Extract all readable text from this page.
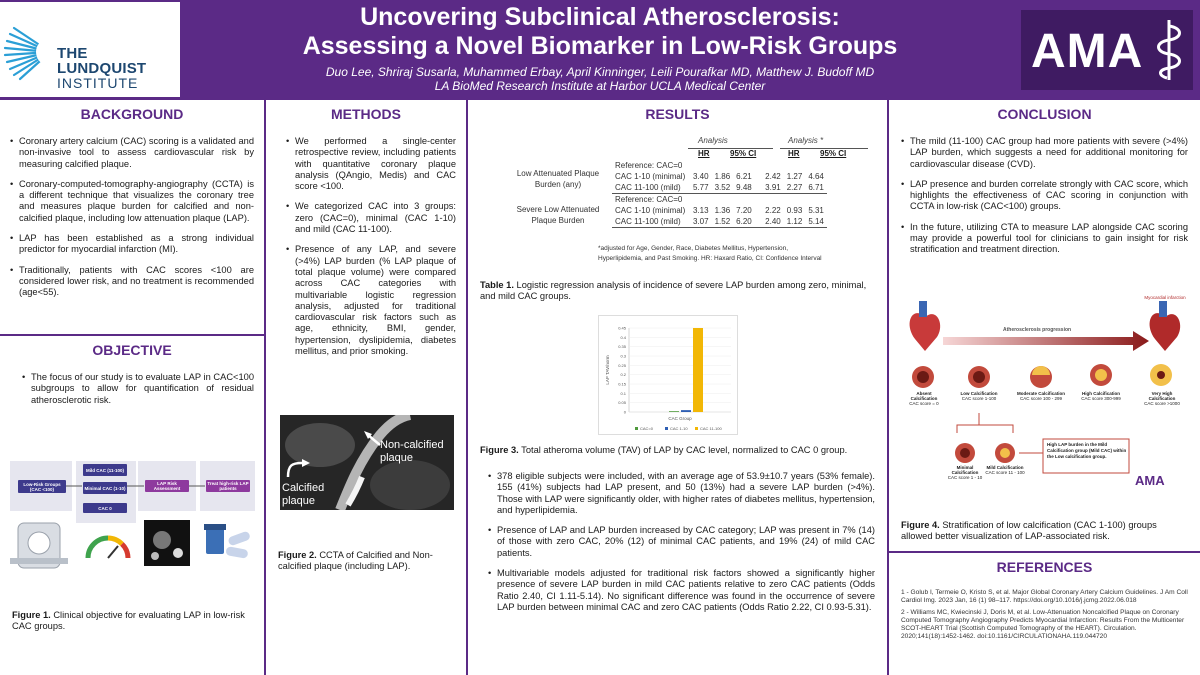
THE LUNDQUIST
INSTITUTE
Uncovering Subclinical Atherosclerosis:
Assessing a Novel Biomarker in Low-Risk Groups
Duo Lee, Shriraj Susarla, Muhammed Erbay, April Kinninger, Leili Pourafkar MD, Matthew J. Budoff MD
LA BioMed Research Institute at Harbor UCLA Medical Center
AMA
BACKGROUND
• Coronary artery calcium (CAC) scoring is a validated and non-invasive tool to assess cardiovascular risk by measuring calcified plaque.
• Coronary-computed-tomography-angiography (CCTA) is a different technique that visualizes the coronary tree and measures plaque burden for calcified and non-calcified plaque, including low attenuation plaque (LAP).
• LAP has been established as a strong individual predictor for myocardial infarction (MI).
• Traditionally, patients with CAC scores <100 are considered lower risk, and no treatment is recommended (age<55).
OBJECTIVE
• The focus of our study is to evaluate LAP in CAC<100 subgroups to allow for quantification of residual atherosclerotic risk.
Low-Risk Groups (CAC <100)
Mild CAC (11-100)
Minimal CAC (1-10)
CAC 0
LAP Risk Assessment
Treat high-risk LAP patients
Figure 1. Clinical objective for evaluating LAP in low-risk CAC groups.
METHODS
• We performed a single-center retrospective review, including patients with quantitative coronary plaque analysis (QAngio, Medis) and CAC score <100.
• We categorized CAC into 3 groups: zero (CAC=0), minimal (CAC 1-10) and mild (CAC 11-100).
• Presence of any LAP, and severe (>4%) LAP burden (% LAP plaque of total plaque volume) were compared across CAC categories with multivariable logistic regression analysis, adjusted for traditional cardiovascular risk factors such as age, ethnicity, BMI, gender, hypertension, dyslipidemia, diabetes mellitus, and prior smoking.
Non-calcified plaque
Calcified plaque
Figure 2. CCTA of Calcified and Non-calcified plaque (including LAP).
RESULTS
Analysis	Analysis *
HR	95% CI	HR	95% CI
Low Attenuated Plaque Burden (any)
Severe Low Attenuated Plaque Burden
Reference: CAC=0						
CAC 1-10 (minimal)	3.40	1.86	6.21	2.42	1.27	4.64
CAC 11-100 (mild)	5.77	3.52	9.48	3.91	2.27	6.71
Reference: CAC=0						
CAC 1-10 (minimal)	3.13	1.36	7.20	2.22	0.93	5.31
CAC 11-100 (mild)	3.07	1.52	6.20	2.40	1.12	5.14
*adjusted for Age, Gender, Race, Diabetes Mellitus, Hypertension,
Hyperlipidemia, and Past Smoking. HR: Haxard Ratio, CI: Confidence Interval
Table 1. Logistic regression analysis of incidence of severe LAP burden among zero, minimal, and mild CAC groups.
0
0.05
0.1
0.15
0.2
0.25
0.3
0.35
0.4
0.45
LAP TAV/norm
CAC Group
CAC=0	CAC 1-10	CAC 11-100
Figure 3. Total atheroma volume (TAV) of LAP by CAC level, normalized to CAC 0 group.
• 378 eligible subjects were included, with an average age of 53.9±10.7 years (53% female). 155 (41%) subjects had LAP present, and 50 (13%) had a severe LAP burden (>4%). Those with LAP were significantly older, with higher rates of diabetes mellitus, hypertension, and hyperlipidemia.
• Presence of LAP and LAP burden increased by CAC category; LAP was present in 7% (14) of those with zero CAC, 20% (12) of minimal CAC patients, and 19% (24) of mild CAC patients.
• Multivariable models adjusted for traditional risk factors showed a significantly higher presence of severe LAP burden in mild CAC patients relative to zero CAC patients (Odds Ratio 2.40, CI 1.11-5.14). No significant difference was found in the occurrence of severe LAP burden between minimal CAC and zero CAC patients (Odds Ratio 2.22, CI 0.93-5.31).
CONCLUSION
• The mild (11-100) CAC group had more patients with severe (>4%) LAP burden, which suggests a need for additional monitoring for cardiovascular disease (CVD).
• LAP presence and burden correlate strongly with CAC score, which highlights the effectiveness of CAC scoring in conjunction with CCTA in low-risk (CAC<100) groups.
• In the future, utilizing CTA to measure LAP alongside CAC scoring may provide a powerful tool for clinicians to gain insight for risk stratification and treatment direction.
Myocardial infarction
Atherosclerosis progression
Absent Calcification
CAC score = 0
Low Calcification
CAC score 1-100
Moderate Calcification
CAC score 100 - 299
High Calcification
CAC score 300-999
Very High Calcification
CAC score >1000
Minimal Calcification
CAC score 1 - 10
Mild Calcification
CAC score 11 - 100
High LAP burden in the Mild Calcification group (Mild CAC) within the Low calcification group.
AMA
Figure 4. Stratification of low calcification (CAC 1-100) groups allowed better visualization of LAP-associated risk.
REFERENCES
1 - Golub I, Termeie O, Kristo S, et al. Major Global Coronary Artery Calcium Guidelines. J Am Coll Cardiol Img. 2023 Jan, 16 (1) 98–117. https://doi.org/10.1016/j.jcmg.2022.06.018
2 - Williams MC, Kwiecinski J, Doris M, et al. Low-Attenuation Noncalcified Plaque on Coronary Computed Tomography Angiography Predicts Myocardial Infarction: Results From the Multicenter SCOT-HEART Trial (Scottish Computed Tomography of the HEART). Circulation. 2020;141(18):1452-1462. doi:10.1161/CIRCULATIONAHA.119.044720
